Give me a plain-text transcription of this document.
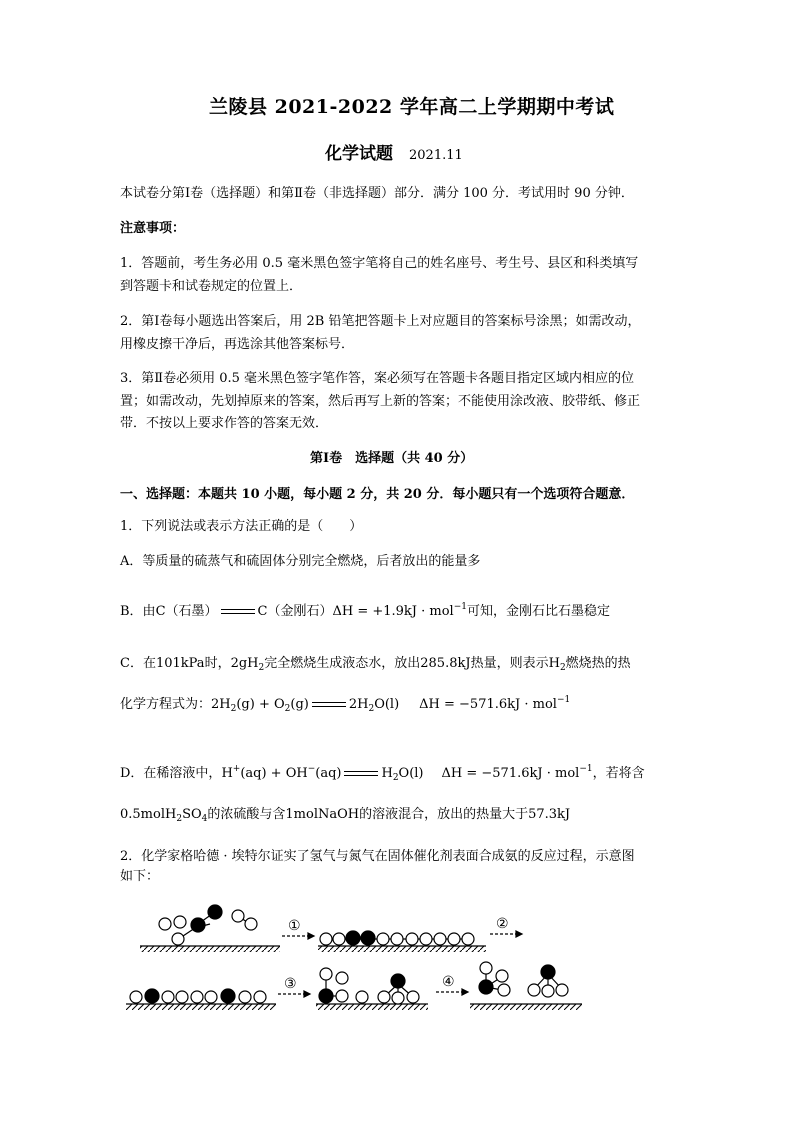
兰陵县 2021-2022 学年高二上学期期中考试
化学试题 2021.11
本试卷分第Ⅰ卷（选择题）和第Ⅱ卷（非选择题）部分．满分 100 分．考试用时 90 分钟．
注意事项：
1．答题前，考生务必用 0.5 毫米黑色签字笔将自己的姓名座号、考生号、县区和科类填写
到答题卡和试卷规定的位置上．
2．第Ⅰ卷每小题选出答案后，用 2B 铅笔把答题卡上对应题目的答案标号涂黑；如需改动，
用橡皮擦干净后，再选涂其他答案标号．
3．第Ⅱ卷必须用 0.5 毫米黑色签字笔作答，案必须写在答题卡各题目指定区域内相应的位
置；如需改动，先划掉原来的答案，然后再写上新的答案；不能使用涂改液、胶带纸、修正
带．不按以上要求作答的答案无效．
第Ⅰ卷　选择题（共 40 分）
一、选择题：本题共 10 小题，每小题 2 分，共 20 分．每小题只有一个选项符合题意．
1．下列说法或表示方法正确的是（　　）
A．等质量的硫蒸气和硫固体分别完全燃烧，后者放出的能量多
B．由C（石墨）	C（金刚石）ΔH = +1.9kJ · mol$^{-1}$可知，金刚石比石墨稳定
C．在101kPa时，$2gH_2$完全燃烧生成液态水，放出285.8kJ热量，则表示$H_2$燃烧热的热
化学方程式为：$2H_2(g) + O_2(g)$	$2H_2O(l) \Delta H = -571.6kJ \cdot mol^{-1}$
D．在稀溶液中，H+(aq) + OH−(aq)	$H_2O(l) \Delta H = -571.6kJ \cdot mol^{-1}$，若将含
$0.5molH_2SO_4$的浓硫酸与含1molNaOH的溶液混合，放出的热量大于57.3kJ
2．化学家格哈德 · 埃特尔证实了氢气与氮气在固体催化剂表面合成氨的反应过程，示意图
如下：
①	②
③	④
